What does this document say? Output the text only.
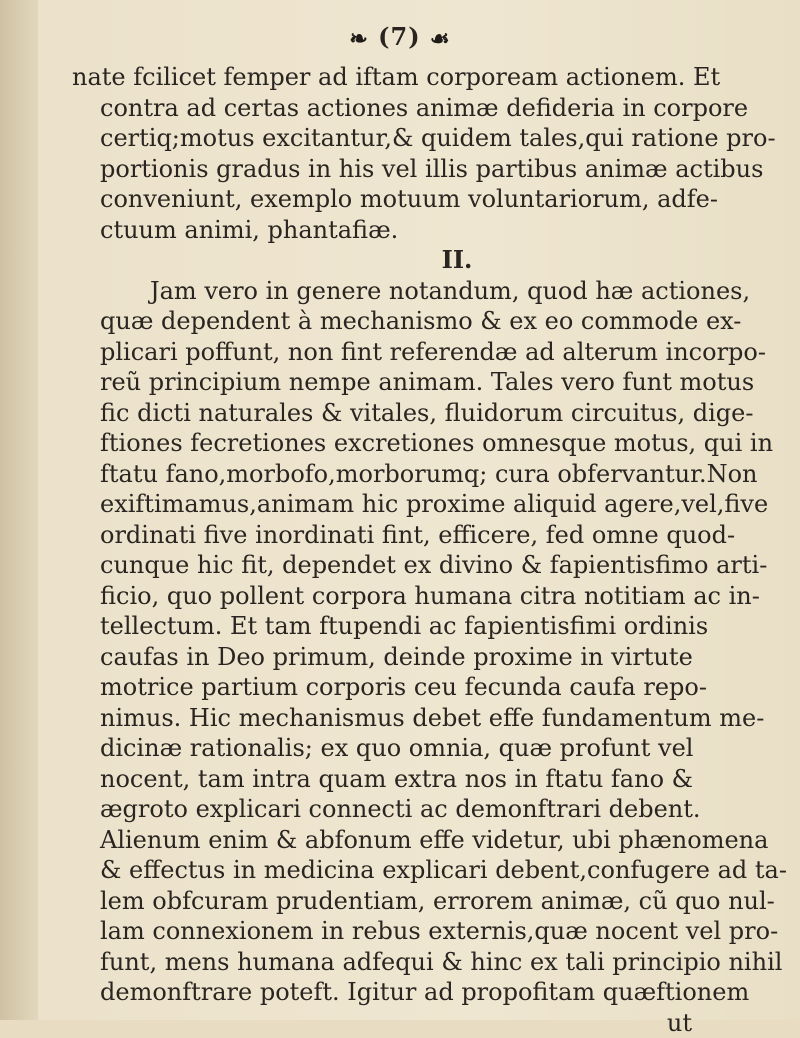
❧ (7) ☙
nate fcilicet femper ad iftam corpoream actionem. Et
contra ad certas actiones animæ defideria in corpore
certiq;motus excitantur,& quidem tales,qui ratione pro-
portionis gradus in his vel illis partibus animæ actibus
conveniunt, exemplo motuum voluntariorum, adfe-
ctuum animi, phantafiæ.
II.
Jam vero in genere notandum, quod hæ actiones,
quæ dependent à mechanismo & ex eo commode ex-
plicari poffunt, non fint referendæ ad alterum incorpo-
reũ principium nempe animam. Tales vero funt motus
fic dicti naturales & vitales, fluidorum circuitus, dige-
ftiones fecretiones excretiones omnesque motus, qui in
ftatu fano,morbofo,morborumq; cura obfervantur.Non
exiftimamus,animam hic proxime aliquid agere,vel,five
ordinati five inordinati fint, efficere, fed omne quod-
cunque hic fit, dependet ex divino & fapientisfimo arti-
ficio, quo pollent corpora humana citra notitiam ac in-
tellectum. Et tam ftupendi ac fapientisfimi ordinis
caufas in Deo primum, deinde proxime in virtute
motrice partium corporis ceu fecunda caufa repo-
nimus. Hic mechanismus debet effe fundamentum me-
dicinæ rationalis; ex quo omnia, quæ profunt vel
nocent, tam intra quam extra nos in ftatu fano &
ægroto explicari connecti ac demonftrari debent.
Alienum enim & abfonum effe videtur, ubi phænomena
& effectus in medicina explicari debent,confugere ad ta-
lem obfcuram prudentiam, errorem animæ, cũ quo nul-
lam connexionem in rebus externis,quæ nocent vel pro-
funt, mens humana adfequi & hinc ex tali principio nihil
demonftrare poteft. Igitur ad propofitam quæftionem
ut
